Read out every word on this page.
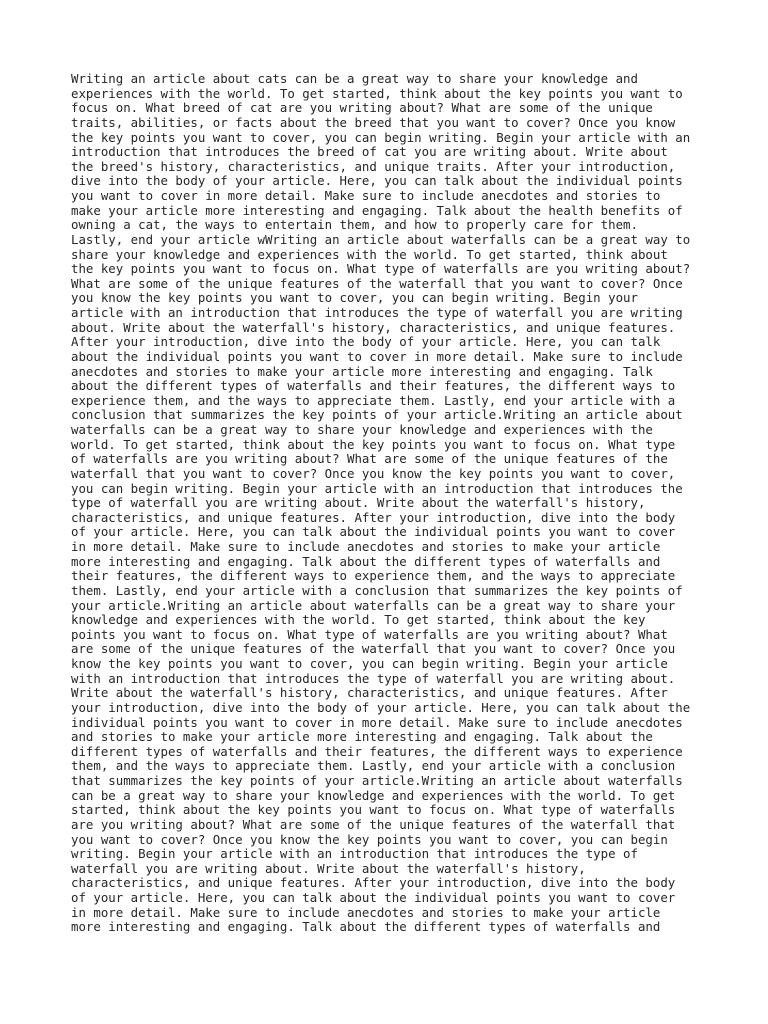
Writing an article about cats can be a great way to share your knowledge and
experiences with the world. To get started, think about the key points you want to
focus on. What breed of cat are you writing about? What are some of the unique
traits, abilities, or facts about the breed that you want to cover? Once you know
the key points you want to cover, you can begin writing. Begin your article with an
introduction that introduces the breed of cat you are writing about. Write about
the breed's history, characteristics, and unique traits. After your introduction,
dive into the body of your article. Here, you can talk about the individual points
you want to cover in more detail. Make sure to include anecdotes and stories to
make your article more interesting and engaging. Talk about the health benefits of
owning a cat, the ways to entertain them, and how to properly care for them.
Lastly, end your article wWriting an article about waterfalls can be a great way to
share your knowledge and experiences with the world. To get started, think about
the key points you want to focus on. What type of waterfalls are you writing about?
What are some of the unique features of the waterfall that you want to cover? Once
you know the key points you want to cover, you can begin writing. Begin your
article with an introduction that introduces the type of waterfall you are writing
about. Write about the waterfall's history, characteristics, and unique features.
After your introduction, dive into the body of your article. Here, you can talk
about the individual points you want to cover in more detail. Make sure to include
anecdotes and stories to make your article more interesting and engaging. Talk
about the different types of waterfalls and their features, the different ways to
experience them, and the ways to appreciate them. Lastly, end your article with a
conclusion that summarizes the key points of your article.Writing an article about
waterfalls can be a great way to share your knowledge and experiences with the
world. To get started, think about the key points you want to focus on. What type
of waterfalls are you writing about? What are some of the unique features of the
waterfall that you want to cover? Once you know the key points you want to cover,
you can begin writing. Begin your article with an introduction that introduces the
type of waterfall you are writing about. Write about the waterfall's history,
characteristics, and unique features. After your introduction, dive into the body
of your article. Here, you can talk about the individual points you want to cover
in more detail. Make sure to include anecdotes and stories to make your article
more interesting and engaging. Talk about the different types of waterfalls and
their features, the different ways to experience them, and the ways to appreciate
them. Lastly, end your article with a conclusion that summarizes the key points of
your article.Writing an article about waterfalls can be a great way to share your
knowledge and experiences with the world. To get started, think about the key
points you want to focus on. What type of waterfalls are you writing about? What
are some of the unique features of the waterfall that you want to cover? Once you
know the key points you want to cover, you can begin writing. Begin your article
with an introduction that introduces the type of waterfall you are writing about.
Write about the waterfall's history, characteristics, and unique features. After
your introduction, dive into the body of your article. Here, you can talk about the
individual points you want to cover in more detail. Make sure to include anecdotes
and stories to make your article more interesting and engaging. Talk about the
different types of waterfalls and their features, the different ways to experience
them, and the ways to appreciate them. Lastly, end your article with a conclusion
that summarizes the key points of your article.Writing an article about waterfalls
can be a great way to share your knowledge and experiences with the world. To get
started, think about the key points you want to focus on. What type of waterfalls
are you writing about? What are some of the unique features of the waterfall that
you want to cover? Once you know the key points you want to cover, you can begin
writing. Begin your article with an introduction that introduces the type of
waterfall you are writing about. Write about the waterfall's history,
characteristics, and unique features. After your introduction, dive into the body
of your article. Here, you can talk about the individual points you want to cover
in more detail. Make sure to include anecdotes and stories to make your article
more interesting and engaging. Talk about the different types of waterfalls and
